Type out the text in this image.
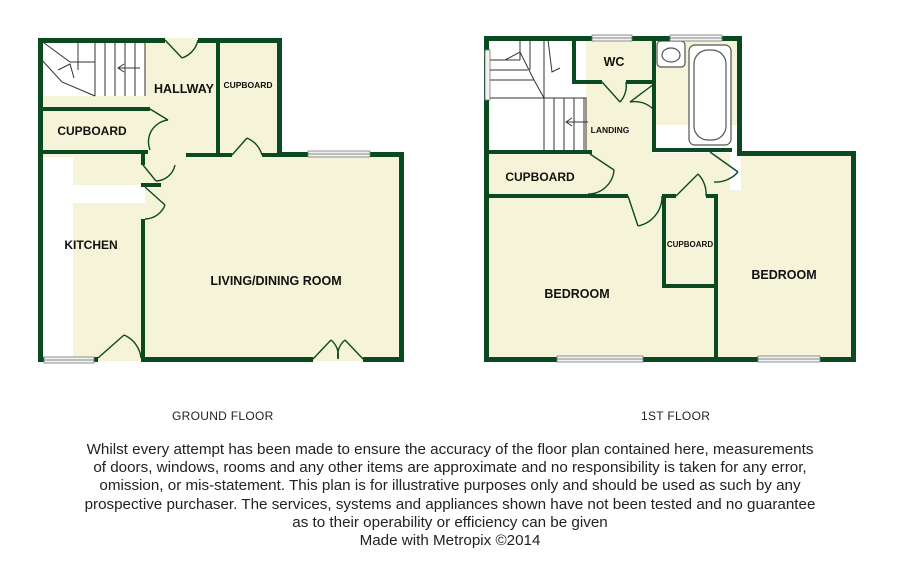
HALLWAY CUPBOARD
CUPBOARD
KITCHEN
LIVING/DINING ROOM
WC
LANDING
CUPBOARD
CUPBOARD
BEDROOM
BEDROOM
GROUND FLOOR	1ST FLOOR
Whilst every attempt has been made to ensure the accuracy of the floor plan contained here, measurements
of doors, windows, rooms and any other items are approximate and no responsibility is taken for any error,
omission, or mis-statement. This plan is for illustrative purposes only and should be used as such by any
prospective purchaser. The services, systems and appliances shown have not been tested and no guarantee
as to their operability or efficiency can be given
Made with Metropix ©2014
